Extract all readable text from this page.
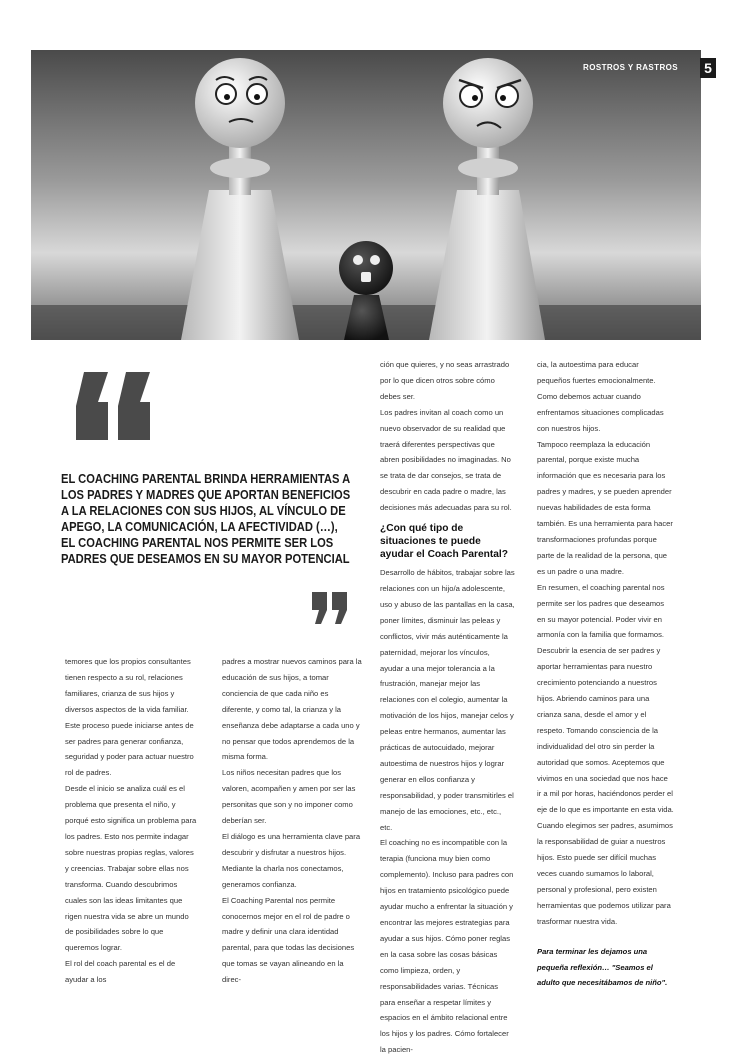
ROSTROS Y RASTROS	5
EL COACHING PARENTAL BRINDA HERRAMIENTAS A LOS PADRES Y MADRES QUE APORTAN BENEFICIOS A LA RELACIONES CON SUS HIJOS, AL VÍNCULO DE APEGO, LA COMUNICACIÓN, LA AFECTIVIDAD (…), EL COACHING PARENTAL NOS PERMITE SER LOS PADRES QUE DESEAMOS EN SU MAYOR POTENCIAL

temores que los propios consultantes tienen respecto a su rol, relaciones familiares, crianza de sus hijos y diversos aspectos de la vida familiar. Este proceso puede iniciarse antes de ser padres para generar confianza, seguridad y poder para actuar nuestro rol de padres.

Desde el inicio se analiza cuál es el problema que presenta el niño, y porqué esto significa un problema para los padres. Esto nos permite indagar sobre nuestras propias reglas, valores y creencias. Trabajar sobre ellas nos transforma. Cuando descubrimos cuales son las ideas limitantes que rigen nuestra vida se abre un mundo de posibilidades sobre lo que queremos lograr.

El rol del coach parental es el de ayudar a los

padres a mostrar nuevos caminos para la educación de sus hijos, a tomar conciencia de que cada niño es diferente, y como tal, la crianza y la enseñanza debe adaptarse a cada uno y no pensar que todos aprendemos de la misma forma.

Los niños necesitan padres que los valoren, acompañen y amen por ser las personitas que son y no imponer como deberían ser.

El diálogo es una herramienta clave para descubrir y disfrutar a nuestros hijos. Mediante la charla nos conectamos, generamos confianza.

El Coaching Parental nos permite conocernos mejor en el rol de padre o madre y definir una clara identidad parental, para que todas las decisiones que tomas se vayan alineando en la direc-

ción que quieres, y no seas arrastrado por lo que dicen otros sobre cómo debes ser.

Los padres invitan al coach como un nuevo observador de su realidad que traerá diferentes perspectivas que abren posibilidades no imaginadas. No se trata de dar consejos, se trata de descubrir en cada padre o madre, las decisiones más adecuadas para su rol.

¿Con qué tipo de situaciones te puede ayudar el Coach Parental?

Desarrollo de hábitos, trabajar sobre las relaciones con un hijo/a adolescente, uso y abuso de las pantallas en la casa, poner límites, disminuir las peleas y conflictos, vivir más auténticamente la paternidad, mejorar los vínculos, ayudar a una mejor tolerancia a la frustración, manejar mejor las relaciones con el colegio, aumentar la motivación de los hijos, manejar celos y peleas entre hermanos, aumentar las prácticas de autocuidado, mejorar autoestima de nuestros hijos y lograr generar en ellos confianza y responsabilidad, y poder transmitirles el manejo de las emociones, etc., etc., etc.

El coaching no es incompatible con la terapia (funciona muy bien como complemento). Incluso para padres con hijos en tratamiento psicológico puede ayudar mucho a enfrentar la situación y encontrar las mejores estrategias para ayudar a sus hijos. Cómo poner reglas en la casa sobre las cosas básicas como limpieza, orden, y responsabilidades varias. Técnicas para enseñar a respetar límites y espacios en el ámbito relacional entre los hijos y los padres. Cómo fortalecer la pacien-

cia, la autoestima para educar pequeños fuertes emocionalmente. Como debemos actuar cuando enfrentamos situaciones complicadas con nuestros hijos.

Tampoco reemplaza la educación parental, porque existe mucha información que es necesaria para los padres y madres, y se pueden aprender nuevas habilidades de esta forma también. Es una herramienta para hacer transformaciones profundas porque parte de la realidad de la persona, que es un padre o una madre.

En resumen, el coaching parental nos permite ser los padres que deseamos en su mayor potencial. Poder vivir en armonía con la familia que formamos. Descubrir la esencia de ser padres y aportar herramientas para nuestro crecimiento potenciando a nuestros hijos. Abriendo caminos para una crianza sana, desde el amor y el respeto. Tomando consciencia de la individualidad del otro sin perder la autoridad que somos. Aceptemos que vivimos en una sociedad que nos hace ir a mil por horas, haciéndonos perder el eje de lo que es importante en esta vida. Cuando elegimos ser padres, asumimos la responsabilidad de guiar a nuestros hijos. Esto puede ser difícil muchas veces cuando sumamos lo laboral, personal y profesional, pero existen herramientas que podemos utilizar para trasformar nuestra vida.

Para terminar les dejamos una pequeña reflexión… "Seamos el adulto que necesitábamos de niño".
